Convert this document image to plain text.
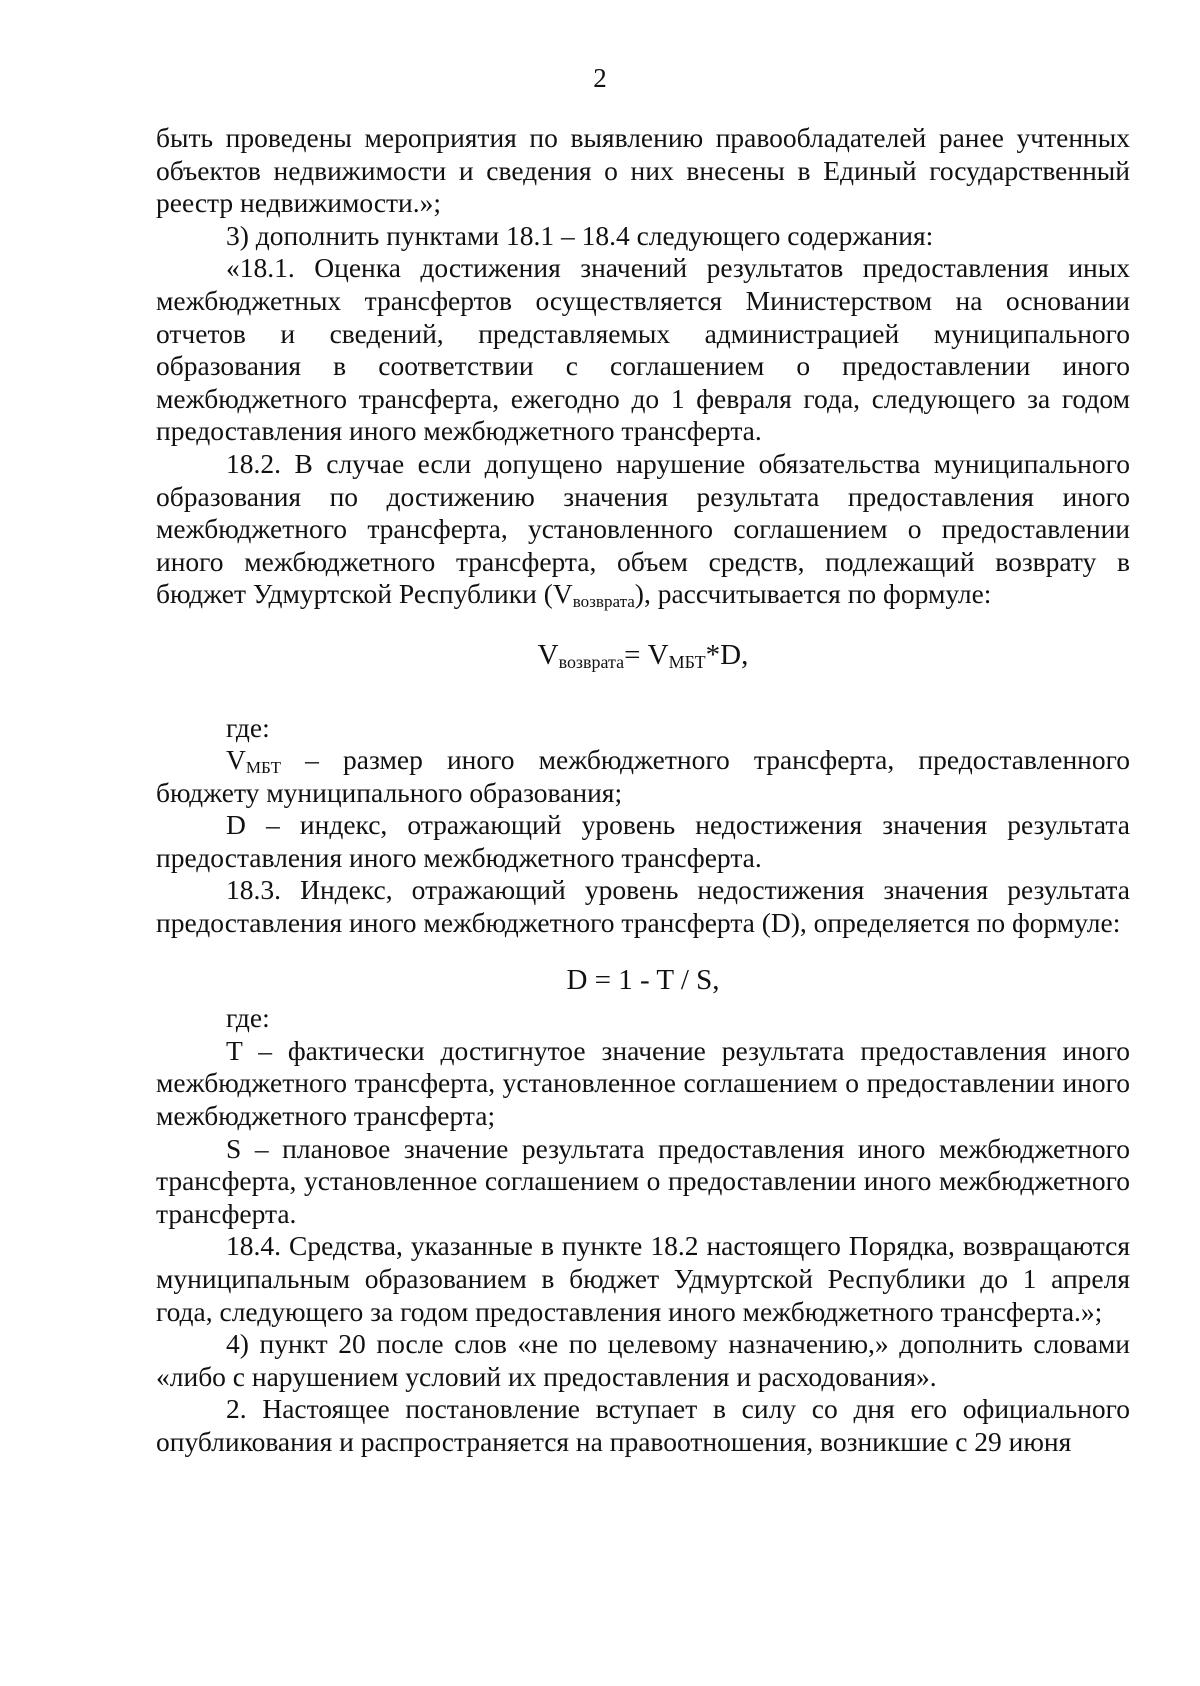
2

быть проведены мероприятия по выявлению правообладателей ранее учтенных объектов недвижимости и сведения о них внесены в Единый государственный реестр недвижимости.»;

3) дополнить пунктами 18.1 – 18.4 следующего содержания:

«18.1. Оценка достижения значений результатов предоставления иных межбюджетных трансфертов осуществляется Министерством на основании отчетов и сведений, представляемых администрацией муниципального образования в соответствии с соглашением о предоставлении иного межбюджетного трансферта, ежегодно до 1 февраля года, следующего за годом предоставления иного межбюджетного трансферта.

18.2. В случае если допущено нарушение обязательства муниципального образования по достижению значения результата предоставления иного межбюджетного трансферта, установленного соглашением о предоставлении иного межбюджетного трансферта, объем средств, подлежащий возврату в бюджет Удмуртской Республики $(V_{возврата})$, рассчитывается по формуле:

$V_{возврата}= V_{МБТ}*D$,

где:

$V_{МБТ}$ – размер иного межбюджетного трансферта, предоставленного бюджету муниципального образования;

D – индекс, отражающий уровень недостижения значения результата предоставления иного межбюджетного трансферта.

18.3. Индекс, отражающий уровень недостижения значения результата предоставления иного межбюджетного трансферта (D), определяется по формуле:

D = 1 - T / S,

где:

T – фактически достигнутое значение результата предоставления иного межбюджетного трансферта, установленное соглашением о предоставлении иного межбюджетного трансферта;

S – плановое значение результата предоставления иного межбюджетного трансферта, установленное соглашением о предоставлении иного межбюджетного трансферта.

18.4. Средства, указанные в пункте 18.2 настоящего Порядка, возвращаются муниципальным образованием в бюджет Удмуртской Республики до 1 апреля года, следующего за годом предоставления иного межбюджетного трансферта.»;

4) пункт 20 после слов «не по целевому назначению,» дополнить словами «либо с нарушением условий их предоставления и расходования».

2. Настоящее постановление вступает в силу со дня его официального опубликования и распространяется на правоотношения, возникшие с 29 июня
